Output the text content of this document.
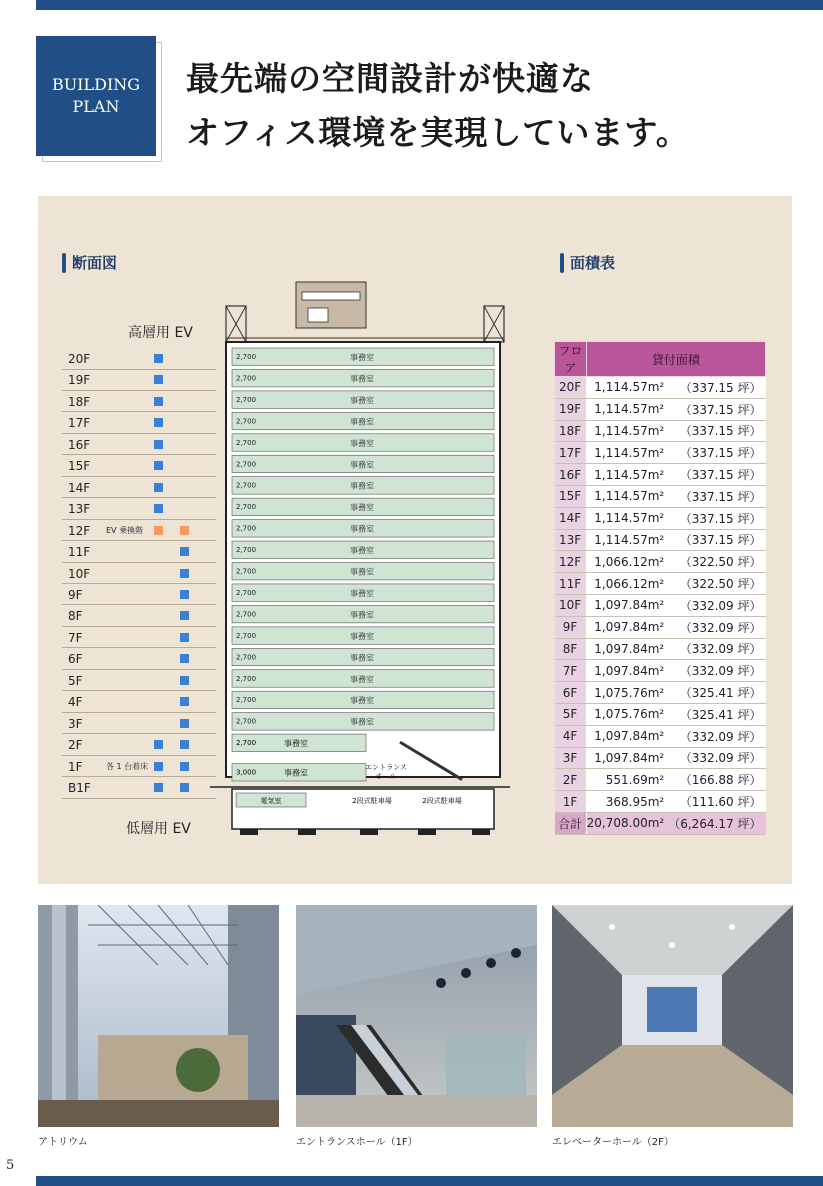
BUILDING
PLAN
最先端の空間設計が快適な
オフィス環境を実現しています。
断面図	面積表
高層用 EV
低層用 EV
20F
19F
18F
17F
16F
15F
14F
13F
12F EV 乗換階
11F
10F
9F
8F
7F
6F
5F
4F
3F
2F
1F	各 1 台着床
B1F
2,700	事務室
2,700	事務室
2,700	事務室
2,700	事務室
2,700	事務室
2,700	事務室
2,700	事務室
2,700	事務室
2,700	事務室
2,700	事務室
2,700	事務室
2,700	事務室
2,700	事務室
2,700	事務室
2,700	事務室
2,700	事務室
2,700	事務室
2,700	事務室
2,700	事務室
3,000	事務室
エントランス
ホール
電気室	2段式駐車場	2段式駐車場
フロア	貸付面積	
20F	1,114.57m²	（337.15 坪）
19F	1,114.57m²	（337.15 坪）
18F	1,114.57m²	（337.15 坪）
17F	1,114.57m²	（337.15 坪）
16F	1,114.57m²	（337.15 坪）
15F	1,114.57m²	（337.15 坪）
14F	1,114.57m²	（337.15 坪）
13F	1,114.57m²	（337.15 坪）
12F	1,066.12m²	（322.50 坪）
11F	1,066.12m²	（322.50 坪）
10F	1,097.84m²	（332.09 坪）
9F	1,097.84m²	（332.09 坪）
8F	1,097.84m²	（332.09 坪）
7F	1,097.84m²	（332.09 坪）
6F	1,075.76m²	（325.41 坪）
5F	1,075.76m²	（325.41 坪）
4F	1,097.84m²	（332.09 坪）
3F	1,097.84m²	（332.09 坪）
2F	551.69m²	（166.88 坪）
1F	368.95m²	（111.60 坪）
合計	20,708.00m²	（6,264.17 坪）
アトリウム	エントランスホール（1F）	エレベーターホール（2F）
5
